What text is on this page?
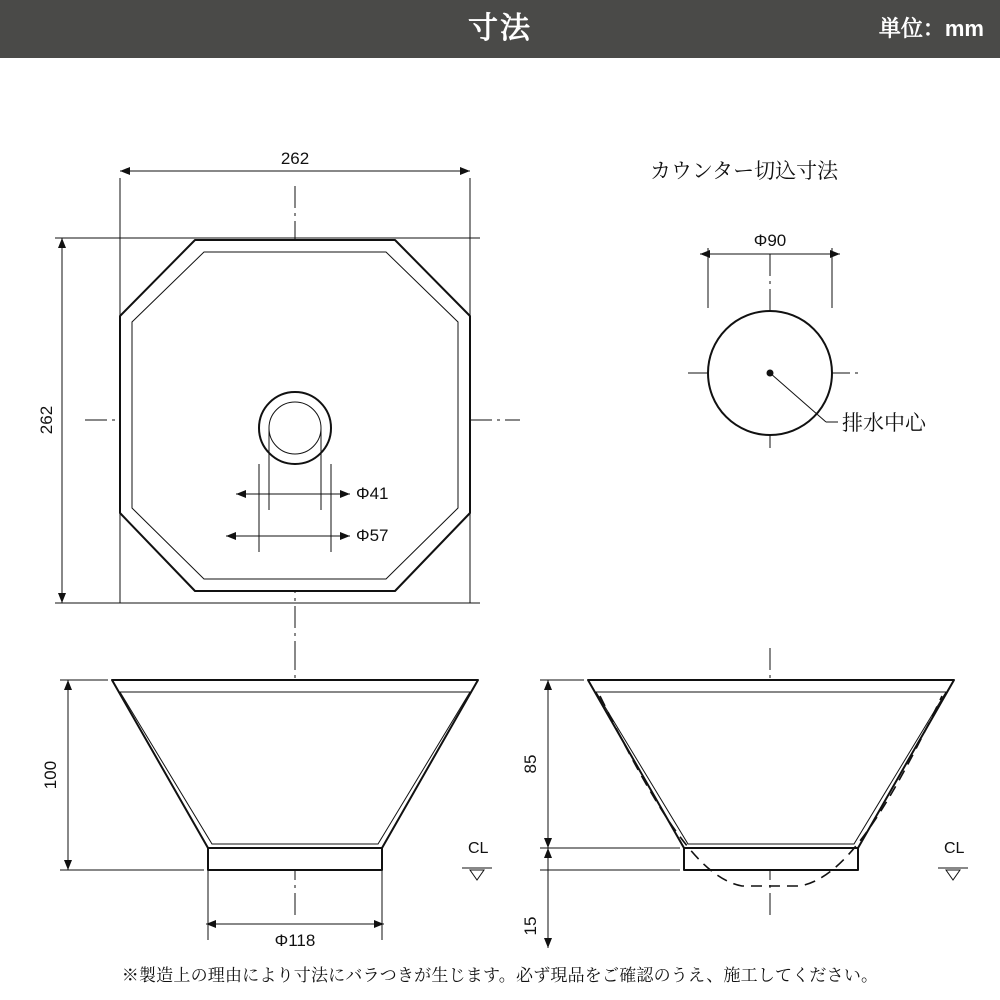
寸法	単位：mm
262
262
Φ41
Φ57
カウンター切込寸法
Φ90
排水中心
100
Φ118
CL
85
15
CL
※製造上の理由により寸法にバラつきが生じます。必ず現品をご確認のうえ、施工してください。
